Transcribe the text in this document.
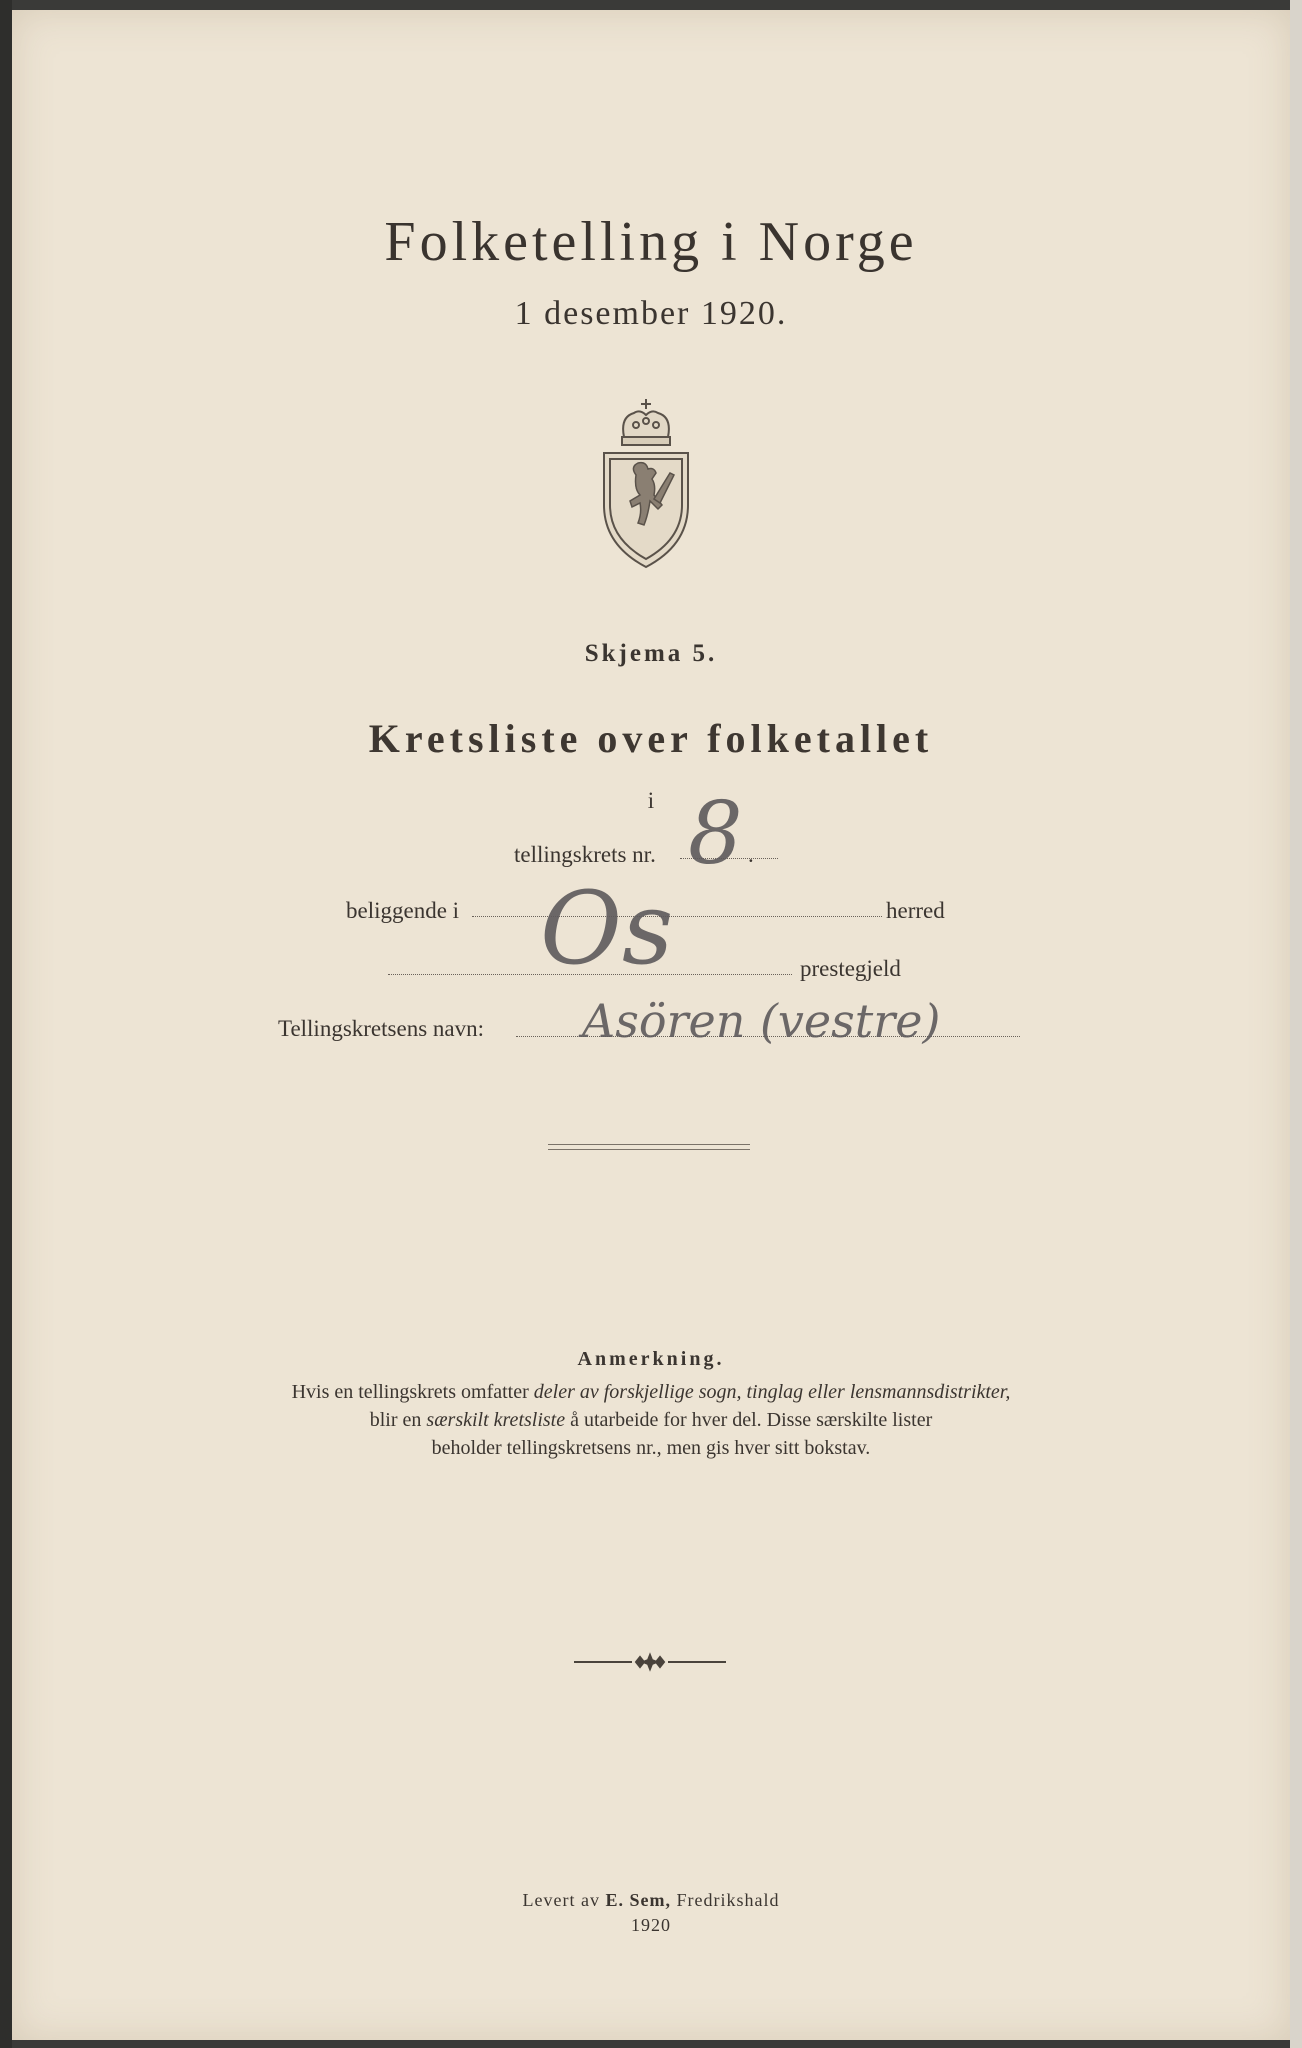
Folketelling i Norge
1 desember 1920.
Skjema 5.
Kretsliste over folketallet
i
tellingskrets nr. 8 .
beliggende i Os	herred
prestegjeld
Tellingskretsens navn: Asören (vestre)
Anmerkning.
Hvis en tellingskrets omfatter deler av forskjellige sogn, tinglag eller lensmannsdistrikter,
blir en særskilt kretsliste å utarbeide for hver del. Disse særskilte lister
beholder tellingskretsens nr., men gis hver sitt bokstav.
Levert av E. Sem, Fredrikshald
1920
